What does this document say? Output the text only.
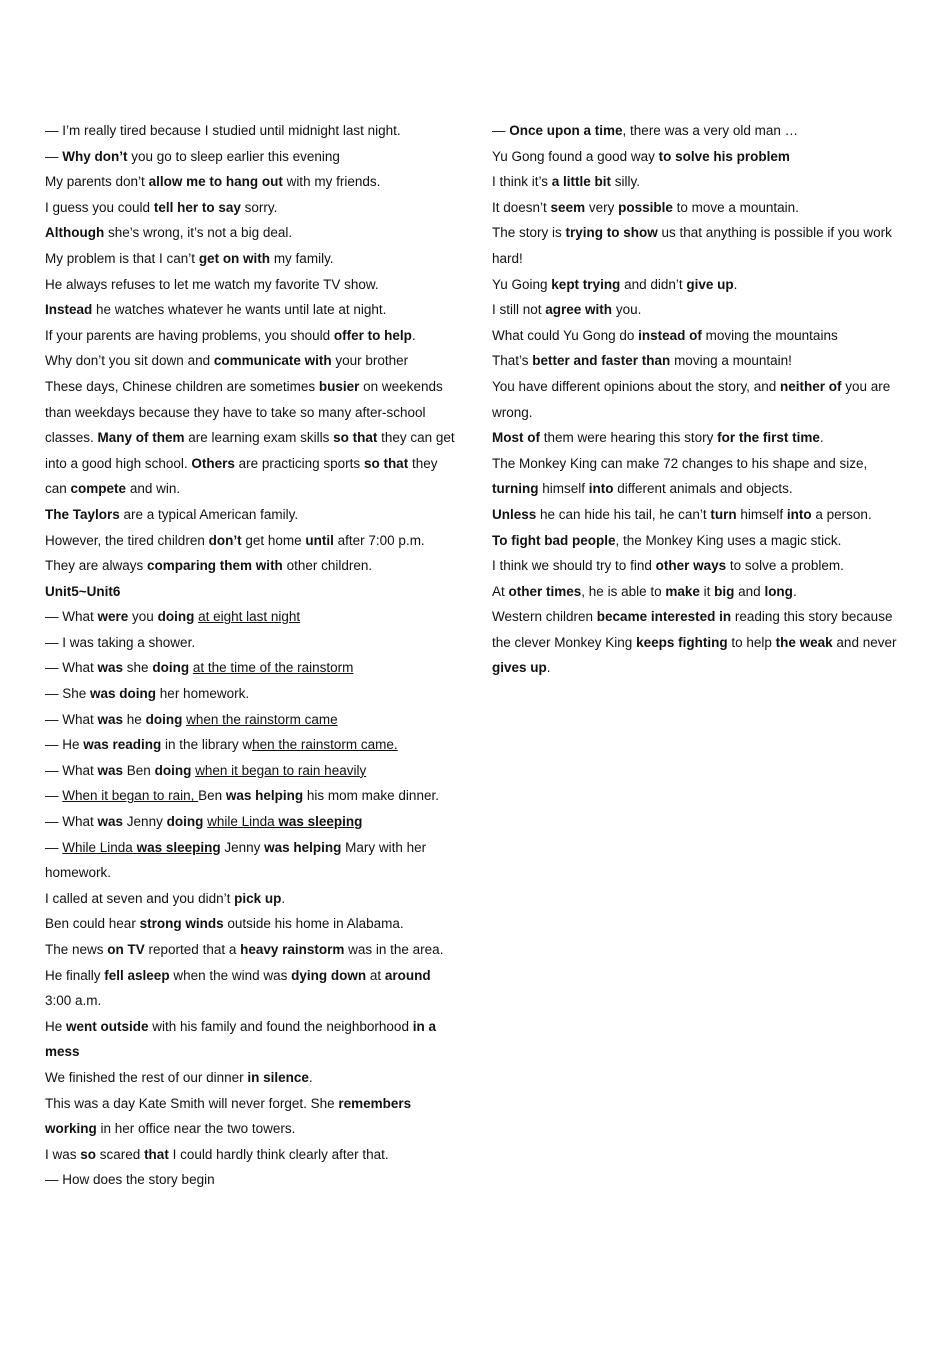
— I’m really tired because I studied until midnight last night.
— Why don’t you go to sleep earlier this evening
My parents don’t allow me to hang out with my friends.
I guess you could tell her to say sorry.
Although she’s wrong, it’s not a big deal.
My problem is that I can’t get on with my family.
He always refuses to let me watch my favorite TV show.
Instead he watches whatever he wants until late at night.
If your parents are having problems, you should offer to help.
Why don’t you sit down and communicate with your brother
These days, Chinese children are sometimes busier on weekends than weekdays because they have to take so many after-school classes. Many of them are learning exam skills so that they can get into a good high school. Others are practicing sports so that they can compete and win.
The Taylors are a typical American family.
However, the tired children don’t get home until after 7:00 p.m.
They are always comparing them with other children.
Unit5~Unit6
— What were you doing at eight last night
— I was taking a shower.
— What was she doing at the time of the rainstorm
— She was doing her homework.
— What was he doing when the rainstorm came
— He was reading in the library when the rainstorm came.
— What was Ben doing when it began to rain heavily
— When it began to rain, Ben was helping his mom make dinner.
— What was Jenny doing while Linda was sleeping
— While Linda was sleeping Jenny was helping Mary with her homework.
I called at seven and you didn’t pick up.
Ben could hear strong winds outside his home in Alabama.
The news on TV reported that a heavy rainstorm was in the area.
He finally fell asleep when the wind was dying down at around 3:00 a.m.
He went outside with his family and found the neighborhood in a mess
We finished the rest of our dinner in silence.
This was a day Kate Smith will never forget. She remembers working in her office near the two towers.
I was so scared that I could hardly think clearly after that.
— How does the story begin
— Once upon a time, there was a very old man …
Yu Gong found a good way to solve his problem
I think it’s a little bit silly.
It doesn’t seem very possible to move a mountain.
The story is trying to show us that anything is possible if you work hard!
Yu Going kept trying and didn’t give up.
I still not agree with you.
What could Yu Gong do instead of moving the mountains
That’s better and faster than moving a mountain!
You have different opinions about the story, and neither of you are wrong.
Most of them were hearing this story for the first time.
The Monkey King can make 72 changes to his shape and size, turning himself into different animals and objects.
Unless he can hide his tail, he can’t turn himself into a person.
To fight bad people, the Monkey King uses a magic stick.
I think we should try to find other ways to solve a problem.
At other times, he is able to make it big and long.
Western children became interested in reading this story because the clever Monkey King keeps fighting to help the weak and never gives up.
